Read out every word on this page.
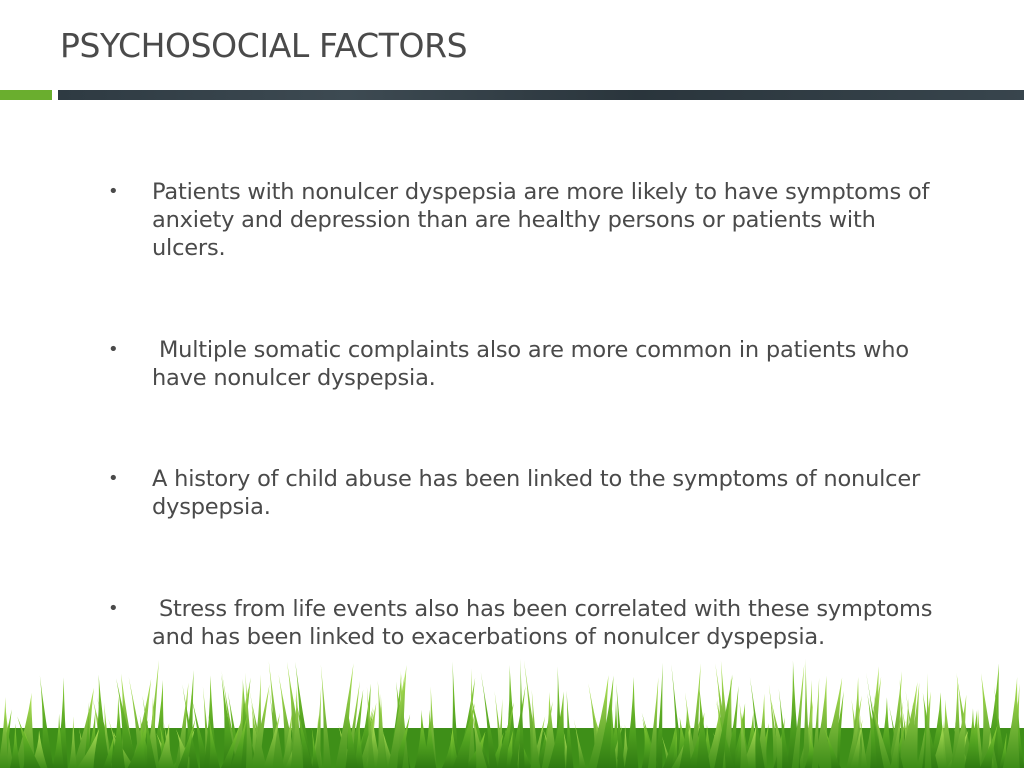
PSYCHOSOCIAL FACTORS
•	Patients with nonulcer dyspepsia are more likely to have symptoms of anxiety and depression than are healthy persons or patients with ulcers.
•	Multiple somatic complaints also are more common in patients who have nonulcer dyspepsia.
•	A history of child abuse has been linked to the symptoms of nonulcer dyspepsia.
•	Stress from life events also has been correlated with these symptoms and has been linked to exacerbations of nonulcer dyspepsia.
